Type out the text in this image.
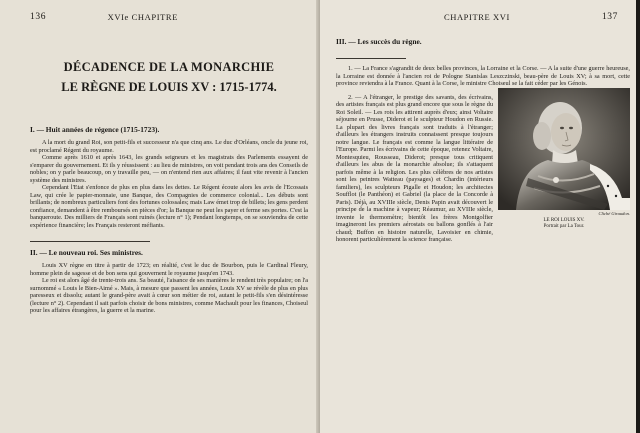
136	XVIe CHAPITRE
DÉCADENCE DE LA MONARCHIE
LE RÈGNE DE LOUIS XV : 1715-1774.
I. — Huit années de régence (1715-1723).

A la mort du grand Roi, son petit-fils et successeur n'a que cinq ans. Le duc d'Orléans, oncle du jeune roi, est proclamé Régent du royaume.

Comme après 1610 et après 1643, les grands seigneurs et les magistrats des Parlements essayent de s'emparer du gouvernement. Et ils y réussissent : au lieu de ministres, on voit pendant trois ans des Conseils de nobles; on y parle beaucoup, on y travaille peu, — on n'entend rien aux affaires; il faut vite revenir à l'ancien système des ministres.

Cependant l'Etat s'enfonce de plus en plus dans les dettes. Le Régent écoute alors les avis de l'Ecossais Law, qui crée le papier-monnaie, une Banque, des Compagnies de commerce colonial... Les débuts sont brillants; de nombreux particuliers font des fortunes colossales; mais Law émet trop de billets; les gens perdent confiance, demandent à être remboursés en pièces d'or; la Banque ne peut les payer et ferme ses portes. C'est la banqueroute. Des milliers de Français sont ruinés (lecture n° 1); Pendant longtemps, on se souviendra de cette expérience financière; les Français resteront méfiants.

II. — Le nouveau roi. Ses ministres.

Louis XV règne en titre à partir de 1723; en réalité, c'est le duc de Bourbon, puis le Cardinal Fleury, homme plein de sagesse et de bon sens qui gouvernent le royaume jusqu'en 1743.

Le roi est alors âgé de trente-trois ans. Sa beauté, l'aisance de ses manières le rendent très populaire; on l'a surnommé « Louis le Bien-Aimé ». Mais, à mesure que passent les années, Louis XV se révèle de plus en plus paresseux et dissolu; autant le grand-père avait à cœur son métier de roi, autant le petit-fils s'en désintéresse (lecture n° 2). Cependant il sait parfois choisir de bons ministres, comme Machault pour les finances, Choiseul pour les affaires étrangères, la guerre et la marine.

CHAPITRE XVI	137
III. — Les succès du règne.

1. — La France s'agrandit de deux belles provinces, la Lorraine et la Corse. — A la suite d'une guerre heureuse, la Lorraine est donnée à l'ancien roi de Pologne Stanislas Leszczinski, beau-père de Louis XV; à sa mort, cette province reviendra à la France. Quant à la Corse, le ministre Choiseul se la fait céder par les Génois.

Cliché Giraudon.
LE ROI LOUIS XV.
Portrait par La Tour.

2. — A l'étranger, le prestige des savants, des écrivains, des artistes français est plus grand encore que sous le règne du Roi Soleil. — Les rois les attirent auprès d'eux; ainsi Voltaire séjourne en Prusse, Diderot et le sculpteur Houdon en Russie. La plupart des livres français sont traduits à l'étranger; d'ailleurs les étrangers instruits connaissent presque toujours notre langue. Le français est comme la langue littéraire de l'Europe. Parmi les écrivains de cette époque, retenez Voltaire, Montesquieu, Rousseau, Diderot; presque tous critiquent d'ailleurs les abus de la monarchie absolue; ils s'attaquent parfois même à la religion. Les plus célèbres de nos artistes sont les peintres Watteau (paysages) et Chardin (intérieurs familiers), les sculpteurs Pigalle et Houdon; les architectes Soufflot (le Panthéon) et Gabriel (la place de la Concorde à Paris). Déjà, au XVIIIe siècle, Denis Papin avait découvert le principe de la machine à vapeur; Réaumur, au XVIIIe siècle, invente le thermomètre; bientôt les frères Montgolfier imagineront les premiers aérostats ou ballons gonflés à l'air chaud; Buffon en histoire naturelle, Lavoisier en chimie, honorent particulièrement la science française.
